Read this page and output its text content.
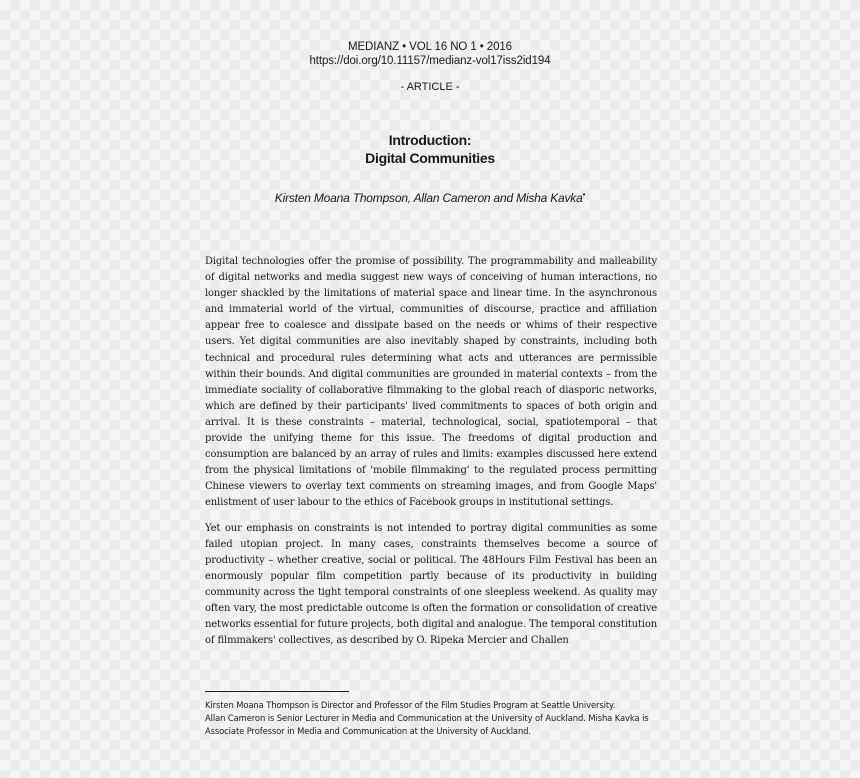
MEDIANZ • VOL 16 NO 1 • 2016
https://doi.org/10.11157/medianz-vol17iss2id194
- ARTICLE -
Introduction:
Digital Communities
Kirsten Moana Thompson, Allan Cameron and Misha Kavka•

Digital technologies offer the promise of possibility. The programmability and malleability of digital networks and media suggest new ways of conceiving of human interactions, no longer shackled by the limitations of material space and linear time. In the asynchronous and immaterial world of the virtual, communities of discourse, practice and affiliation appear free to coalesce and dissipate based on the needs or whims of their respective users. Yet digital communities are also inevitably shaped by constraints, including both technical and procedural rules determining what acts and utterances are permissible within their bounds. And digital communities are grounded in material contexts – from the immediate sociality of collaborative filmmaking to the global reach of diasporic networks, which are defined by their participants' lived commitments to spaces of both origin and arrival. It is these constraints – material, technological, social, spatiotemporal – that provide the unifying theme for this issue. The freedoms of digital production and consumption are balanced by an array of rules and limits: examples discussed here extend from the physical limitations of 'mobile filmmaking' to the regulated process permitting Chinese viewers to overlay text comments on streaming images, and from Google Maps' enlistment of user labour to the ethics of Facebook groups in institutional settings.

Yet our emphasis on constraints is not intended to portray digital communities as some failed utopian project. In many cases, constraints themselves become a source of productivity – whether creative, social or political. The 48Hours Film Festival has been an enormously popular film competition partly because of its productivity in building community across the tight temporal constraints of one sleepless weekend. As quality may often vary, the most predictable outcome is often the formation or consolidation of creative networks essential for future projects, both digital and analogue. The temporal constitution of filmmakers' collectives, as described by O. Ripeka Mercier and Challen

Kirsten Moana Thompson is Director and Professor of the Film Studies Program at Seattle University.
Allan Cameron is Senior Lecturer in Media and Communication at the University of Auckland. Misha Kavka is Associate Professor in Media and Communication at the University of Auckland.
